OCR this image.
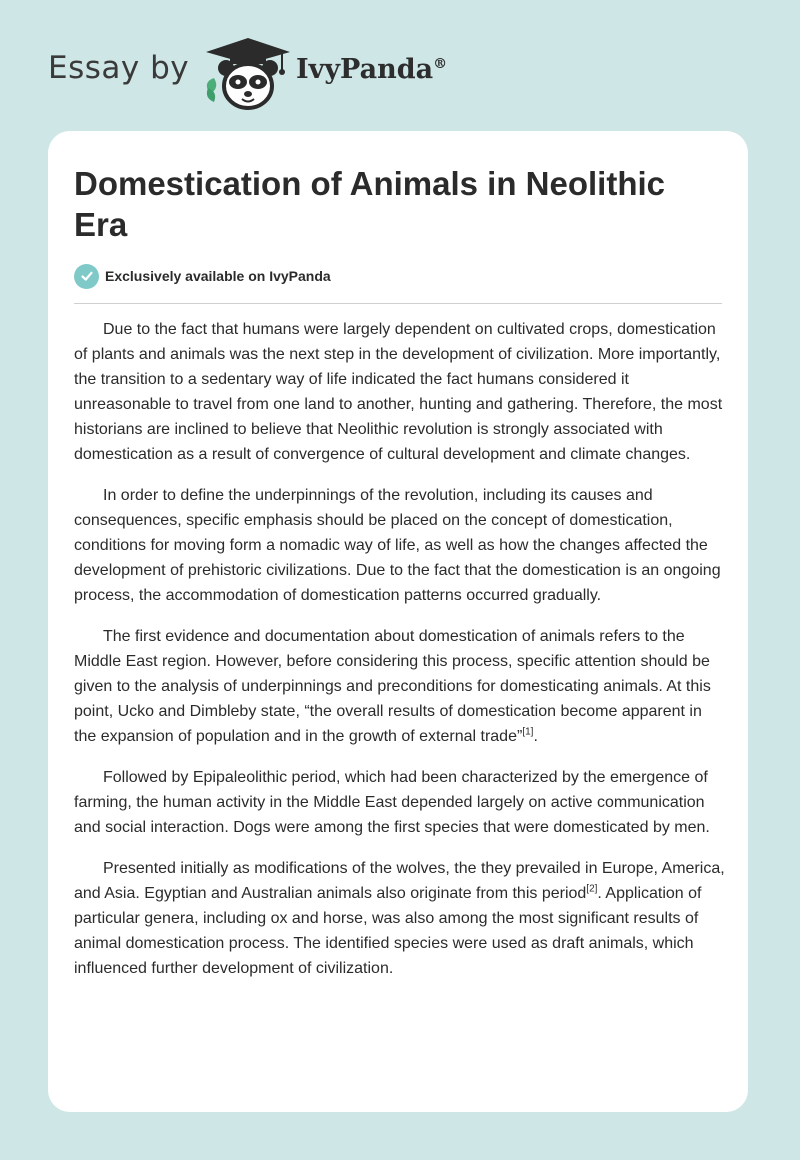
Essay by	IvyPanda®
Domestication of Animals in Neolithic Era
Exclusively available on IvyPanda

Due to the fact that humans were largely dependent on cultivated crops, domestication of plants and animals was the next step in the development of civilization. More importantly, the transition to a sedentary way of life indicated the fact humans considered it unreasonable to travel from one land to another, hunting and gathering. Therefore, the most historians are inclined to believe that Neolithic revolution is strongly associated with domestication as a result of convergence of cultural development and climate changes.

In order to define the underpinnings of the revolution, including its causes and consequences, specific emphasis should be placed on the concept of domestication, conditions for moving form a nomadic way of life, as well as how the changes affected the development of prehistoric civilizations. Due to the fact that the domestication is an ongoing process, the accommodation of domestication patterns occurred gradually.

The first evidence and documentation about domestication of animals refers to the Middle East region. However, before considering this process, specific attention should be given to the analysis of underpinnings and preconditions for domesticating animals. At this point, Ucko and Dimbleby state, “the overall results of domestication become apparent in the expansion of population and in the growth of external trade”[1].

Followed by Epipaleolithic period, which had been characterized by the emergence of farming, the human activity in the Middle East depended largely on active communication and social interaction. Dogs were among the first species that were domesticated by men.

Presented initially as modifications of the wolves, the they prevailed in Europe, America, and Asia. Egyptian and Australian animals also originate from this period[2]. Application of particular genera, including ox and horse, was also among the most significant results of animal domestication process. The identified species were used as draft animals, which influenced further development of civilization.
